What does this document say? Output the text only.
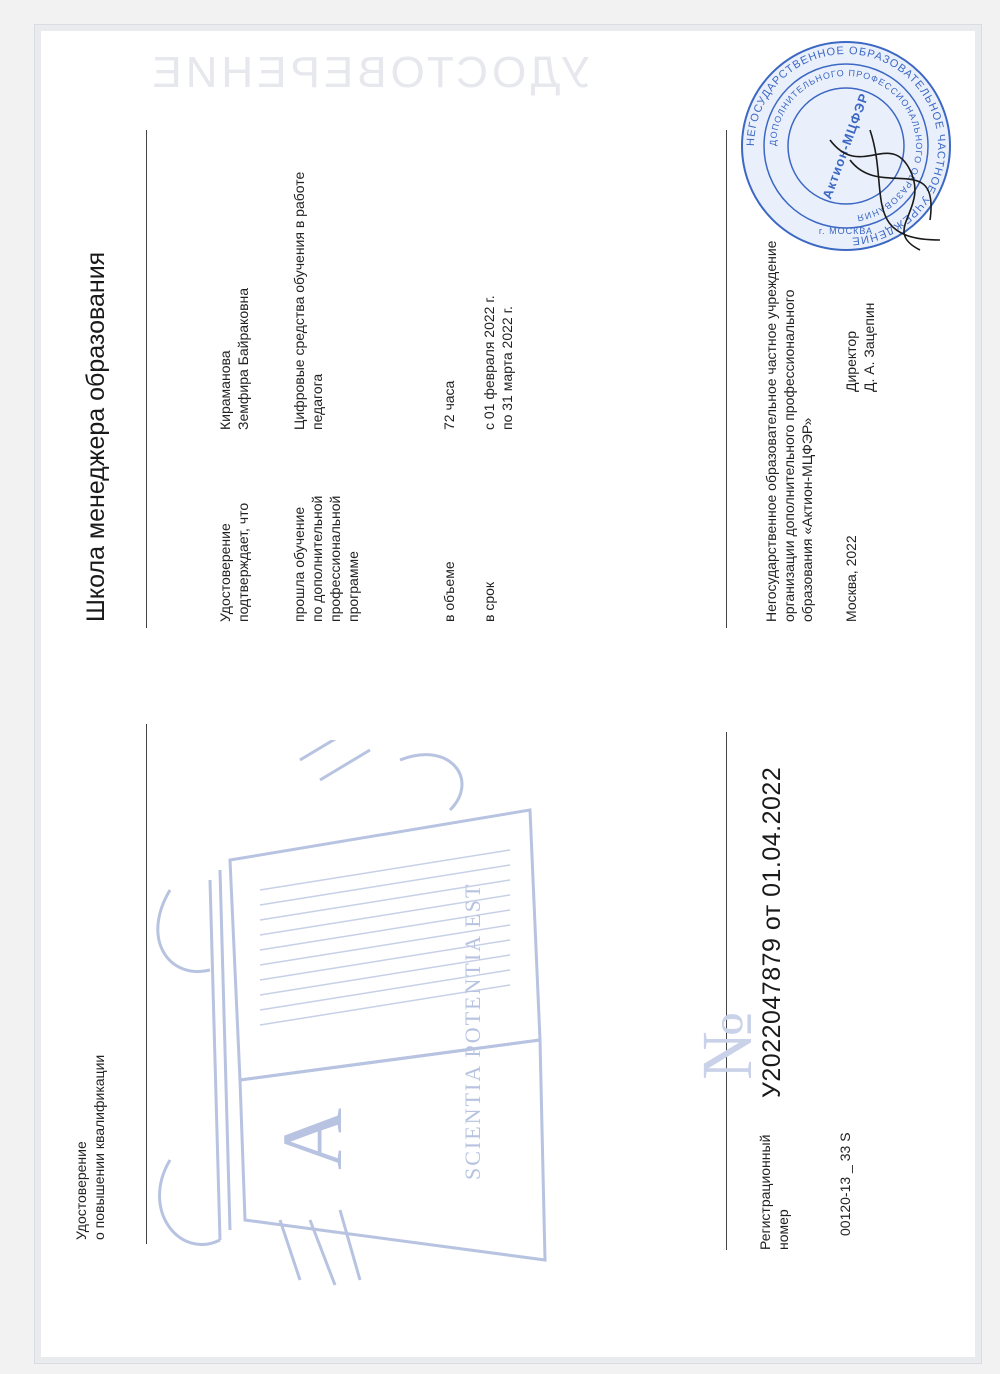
УДОСТОВЕРЕНИЕ
Удостоверение о повышении квалификации	Регистрационный номер	00120-13 _ 33 S
У2022047879 от 01.04.2022
№
A	SCIENTIA POTENTIA EST
Школа менеджера образования	Удостоверение подтверждает, что
Кирамaнова Земфира Байраковна
прошла обучение по дополнительной профессиональной программе
Цифровые средства обучения в работе педагога
в объеме
72 часа
в срок
с 01 февраля 2022 г. по 31 марта 2022 г.	Негосударственное образовательное частное учреждение организации дополнительного профессионального образования «Актион-МЦФЭР» Москва, 2022
Директор Д. А. Зацепин
НЕГОСУДАРСТВЕННОЕ ОБРАЗОВАТЕЛЬНОЕ ЧАСТНОЕ УЧРЕЖДЕНИЕ
ДОПОЛНИТЕЛЬНОГО ПРОФЕССИОНАЛЬНОГО ОБРАЗОВАНИЯ
Актион-МЦФЭР
г. МОСКВА
